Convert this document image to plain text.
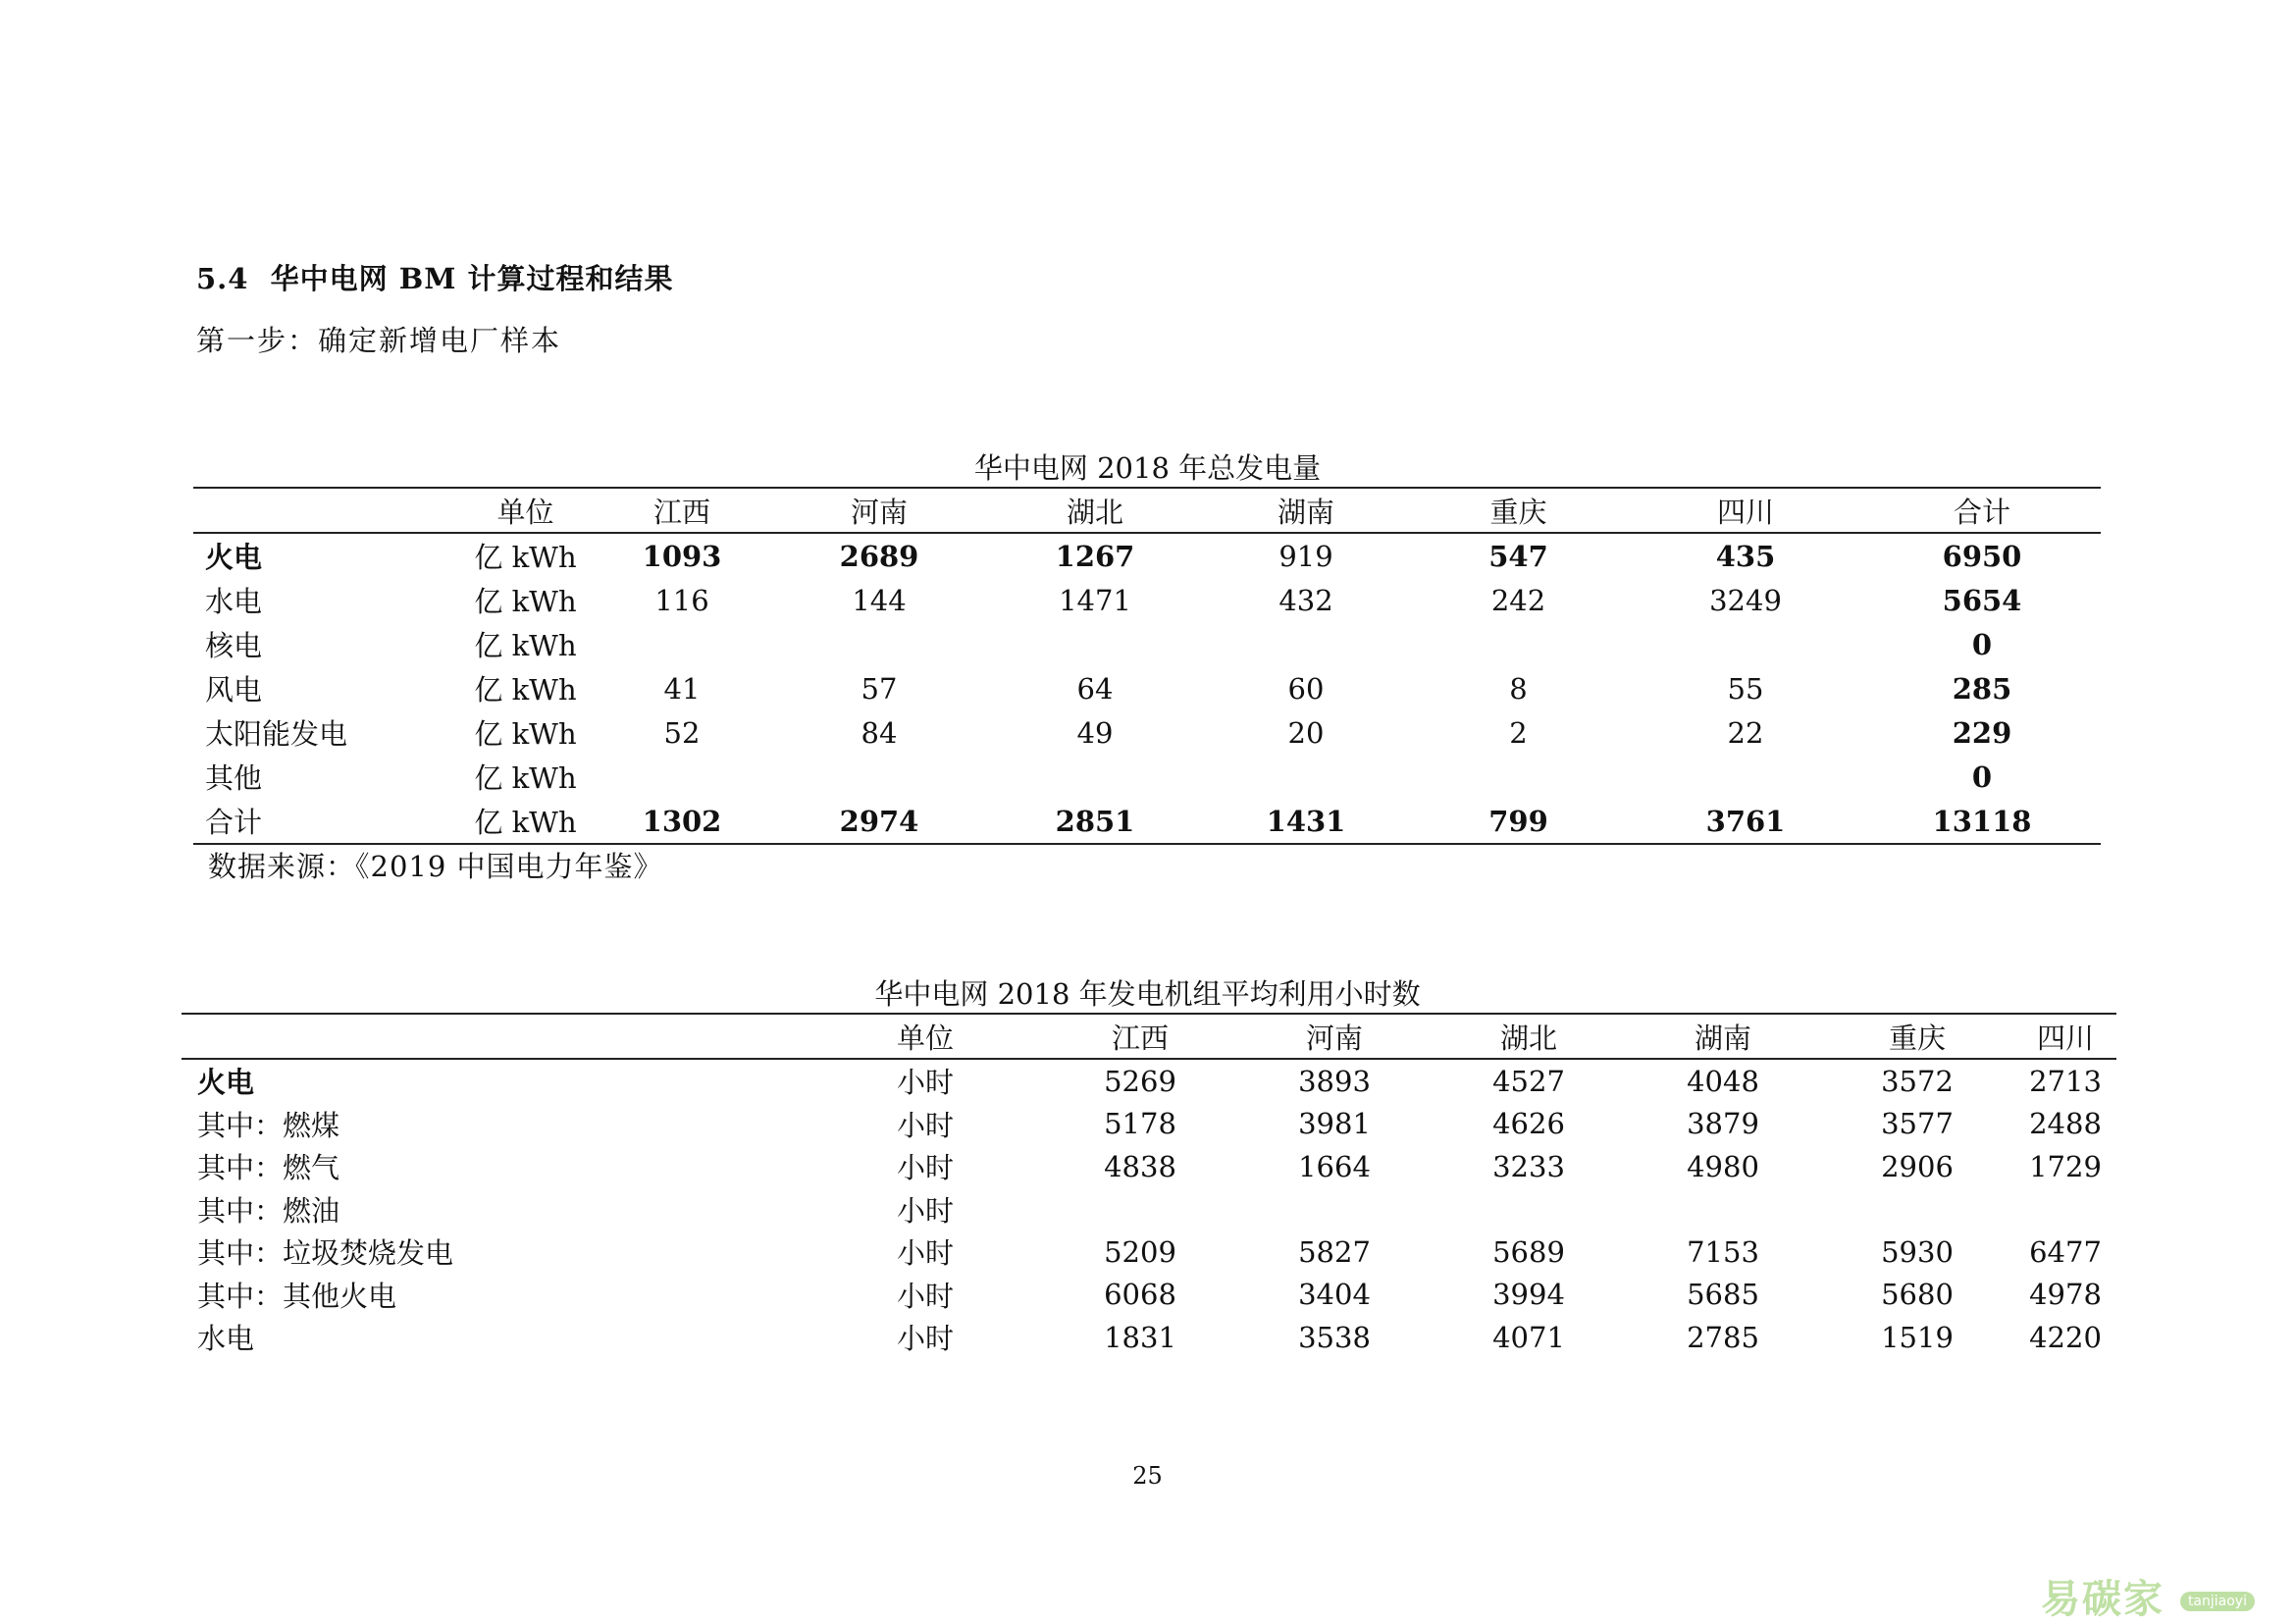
5.4 华中电网 BM 计算过程和结果
第一步：确定新增电厂样本
华中电网 2018 年总发电量
	单位	江西	河南	湖北	湖南	重庆	四川	合计
火电	亿 kWh	1093	2689	1267	919	547	435	6950
水电	亿 kWh	116	144	1471	432	242	3249	5654
核电	亿 kWh							0
风电	亿 kWh	41	57	64	60	8	55	285
太阳能发电	亿 kWh	52	84	49	20	2	22	229
其他	亿 kWh							0
合计	亿 kWh	1302	2974	2851	1431	799	3761	13118
数据来源：《2019 中国电力年鉴》
华中电网 2018 年发电机组平均利用小时数
	单位	江西	河南	湖北	湖南	重庆	四川
火电	小时	5269	3893	4527	4048	3572	2713
其中：燃煤	小时	5178	3981	4626	3879	3577	2488
其中：燃气	小时	4838	1664	3233	4980	2906	1729
其中：燃油	小时						
其中：垃圾焚烧发电	小时	5209	5827	5689	7153	5930	6477
其中：其他火电	小时	6068	3404	3994	5685	5680	4978
水电	小时	1831	3538	4071	2785	1519	4220
25
易碳家 tanjiaoyi
